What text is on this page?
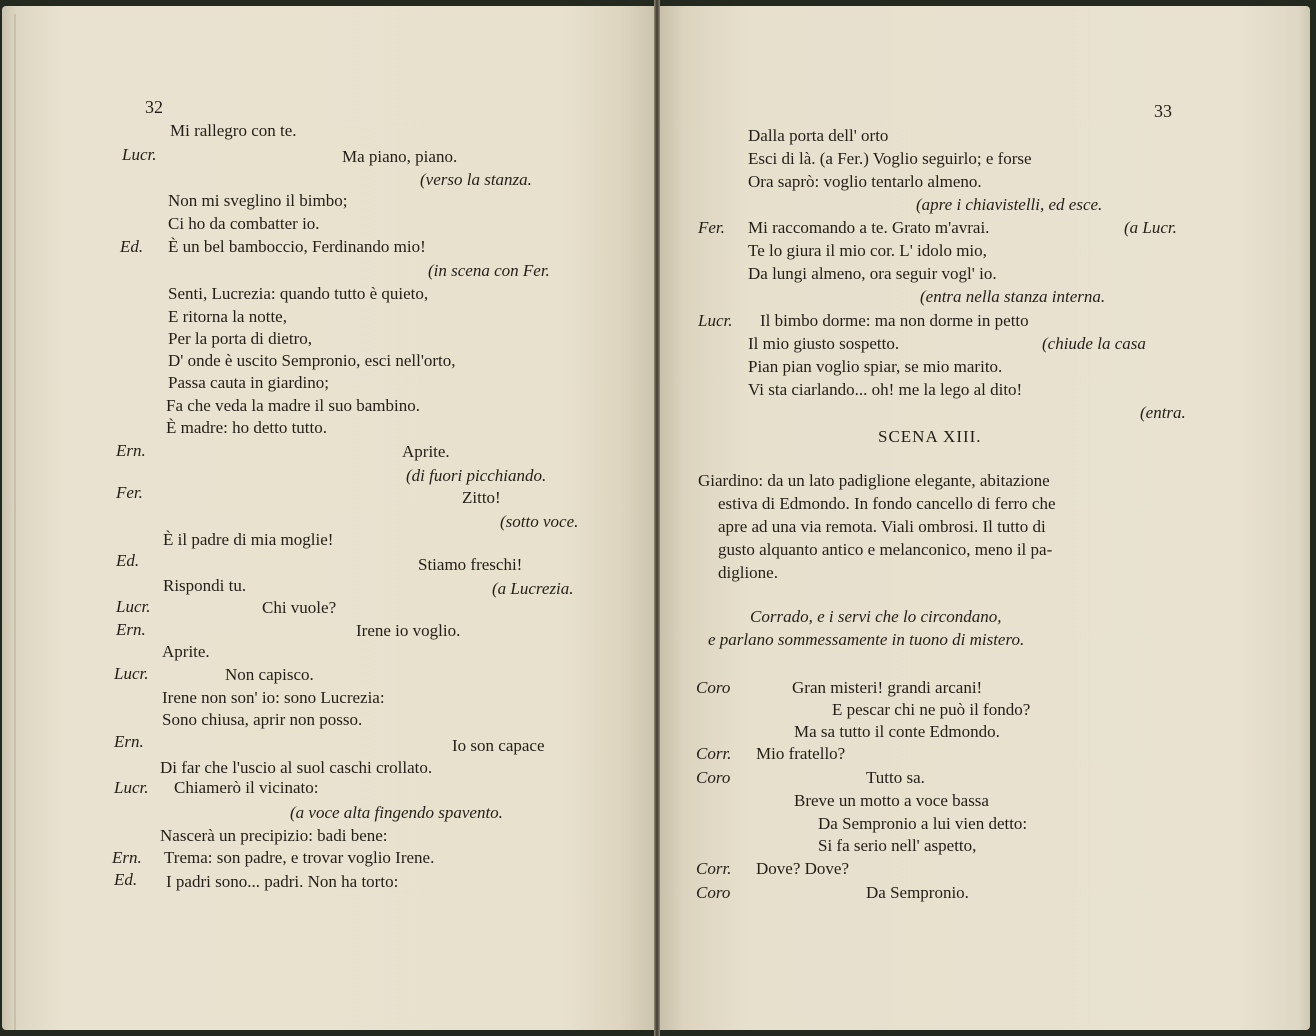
32
Mi rallegro con te.
Lucr.	Ma piano, piano.
(verso la stanza.
Non mi sveglino il bimbo;
Ci ho da combatter io.
Ed. È un bel bamboccio, Ferdinando mio!
(in scena con Fer.
Senti, Lucrezia: quando tutto è quieto,
E ritorna la notte,
Per la porta di dietro,
D' onde è uscito Sempronio, esci nell'orto,
Passa cauta in giardino;
Fa che veda la madre il suo bambino.
È madre: ho detto tutto.
Ern.	Aprite.
(di fuori picchiando.
Fer.	Zitto!
(sotto voce.
È il padre di mia moglie!
Ed.	Stiamo freschi!
Rispondi tu.	(a Lucrezia.
Lucr.	Chi vuole?
Ern.	Irene io voglio.
Aprite.
Lucr.	Non capisco.
Irene non son' io: sono Lucrezia:
Sono chiusa, aprir non posso.
Ern.	Io son capace
Di far che l'uscio al suol caschi crollato.
Lucr. Chiamerò il vicinato:
(a voce alta fingendo spavento.
Nascerà un precipizio: badi bene:
Ern. Trema: son padre, e trovar voglio Irene.
Ed. I padri sono... padri. Non ha torto:
33
Dalla porta dell' orto
Esci di là. (a Fer.) Voglio seguirlo; e forse
Ora saprò: voglio tentarlo almeno.
(apre i chiavistelli, ed esce.
Fer. Mi raccomando a te. Grato m'avrai.	(a Lucr.
Te lo giura il mio cor. L' idolo mio,
Da lungi almeno, ora seguir vogl' io.
(entra nella stanza interna.
Lucr. Il bimbo dorme: ma non dorme in petto
Il mio giusto sospetto.	(chiude la casa
Pian pian voglio spiar, se mio marito.
Vi sta ciarlando... oh! me la lego al dito!
(entra.
SCENA XIII.
Giardino: da un lato padiglione elegante, abitazione
estiva di Edmondo. In fondo cancello di ferro che
apre ad una via remota. Viali ombrosi. Il tutto di
gusto alquanto antico e melanconico, meno il pa-
diglione.
Corrado, e i servi che lo circondano,
e parlano sommessamente in tuono di mistero.
Coro	Gran misteri! grandi arcani!
E pescar chi ne può il fondo?
Ma sa tutto il conte Edmondo.
Corr. Mio fratello?
Coro	Tutto sa.
Breve un motto a voce bassa
Da Sempronio a lui vien detto:
Si fa serio nell' aspetto,
Corr. Dove? Dove?
Coro	Da Sempronio.
